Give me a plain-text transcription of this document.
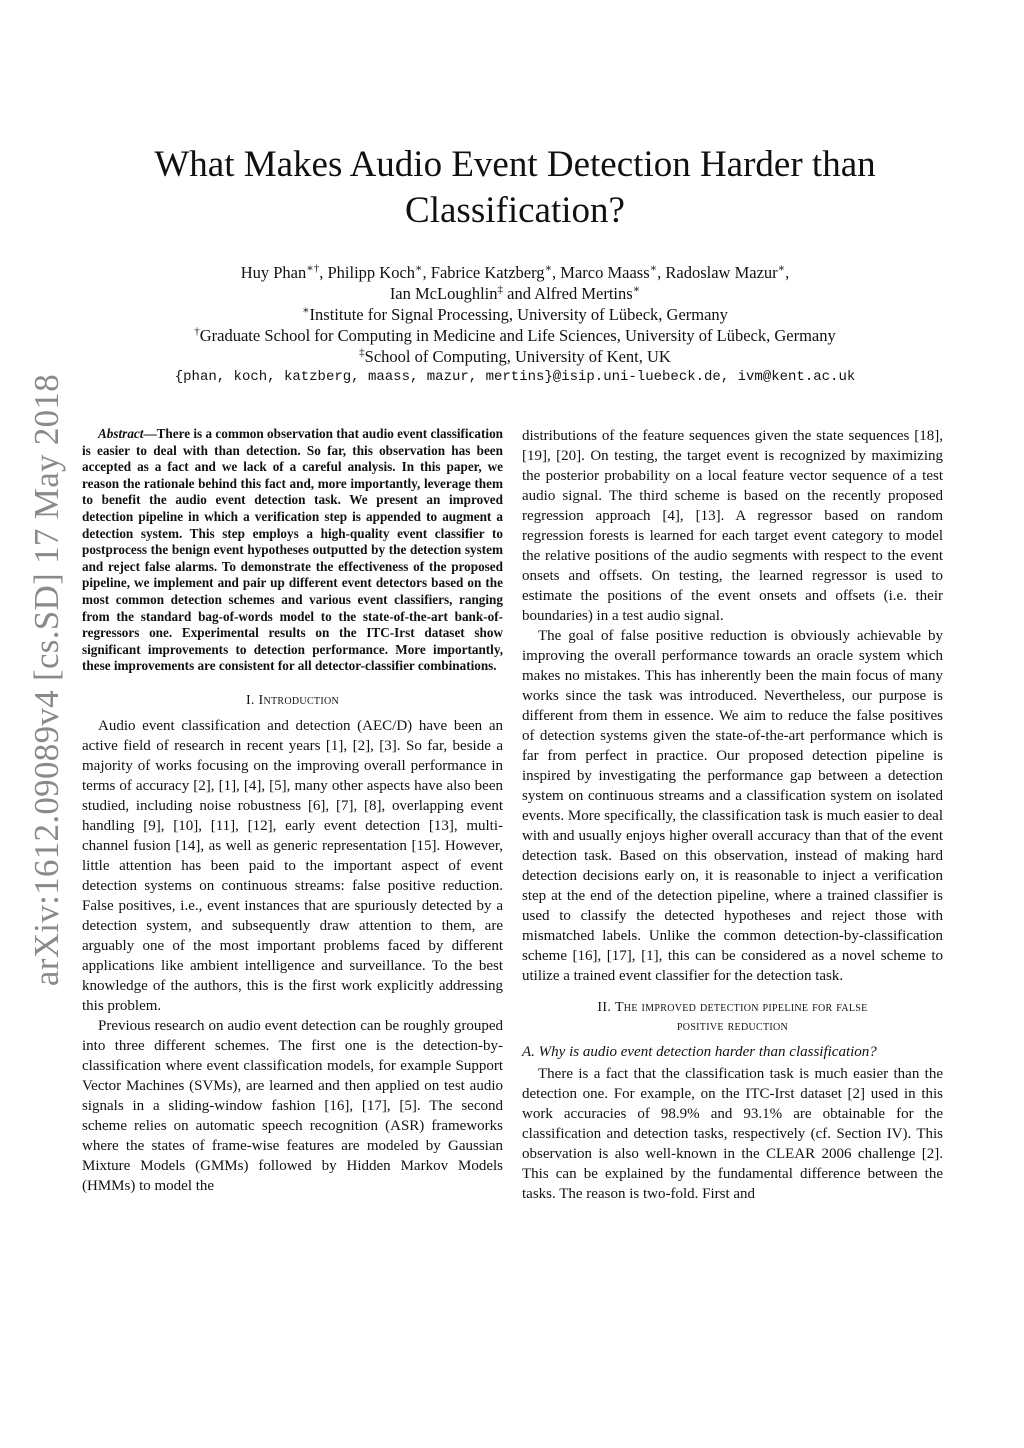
arXiv:1612.09089v4 [cs.SD] 17 May 2018
What Makes Audio Event Detection Harder than Classification?
Huy Phan∗†, Philipp Koch∗, Fabrice Katzberg∗, Marco Maass∗, Radoslaw Mazur∗,
Ian McLoughlin‡ and Alfred Mertins∗
∗Institute for Signal Processing, University of Lübeck, Germany
†Graduate School for Computing in Medicine and Life Sciences, University of Lübeck, Germany
‡School of Computing, University of Kent, UK
{phan, koch, katzberg, maass, mazur, mertins}@isip.uni-luebeck.de, ivm@kent.ac.uk

Abstract—There is a common observation that audio event classification is easier to deal with than detection. So far, this observation has been accepted as a fact and we lack of a careful analysis. In this paper, we reason the rationale behind this fact and, more importantly, leverage them to benefit the audio event detection task. We present an improved detection pipeline in which a verification step is appended to augment a detection system. This step employs a high-quality event classifier to postprocess the benign event hypotheses outputted by the detection system and reject false alarms. To demonstrate the effectiveness of the proposed pipeline, we implement and pair up different event detectors based on the most common detection schemes and various event classifiers, ranging from the standard bag-of-words model to the state-of-the-art bank-of-regressors one. Experimental results on the ITC-Irst dataset show significant improvements to detection performance. More importantly, these improvements are consistent for all detector-classifier combinations.

I. Introduction

Audio event classification and detection (AEC/D) have been an active field of research in recent years [1], [2], [3]. So far, beside a majority of works focusing on the improving overall performance in terms of accuracy [2], [1], [4], [5], many other aspects have also been studied, including noise robustness [6], [7], [8], overlapping event handling [9], [10], [11], [12], early event detection [13], multi-channel fusion [14], as well as generic representation [15]. However, little attention has been paid to the important aspect of event detection systems on continuous streams: false positive reduction. False positives, i.e., event instances that are spuriously detected by a detection system, and subsequently draw attention to them, are arguably one of the most important problems faced by different applications like ambient intelligence and surveillance. To the best knowledge of the authors, this is the first work explicitly addressing this problem.

Previous research on audio event detection can be roughly grouped into three different schemes. The first one is the detection-by-classification where event classification models, for example Support Vector Machines (SVMs), are learned and then applied on test audio signals in a sliding-window fashion [16], [17], [5]. The second scheme relies on automatic speech recognition (ASR) frameworks where the states of frame-wise features are modeled by Gaussian Mixture Models (GMMs) followed by Hidden Markov Models (HMMs) to model the

distributions of the feature sequences given the state sequences [18], [19], [20]. On testing, the target event is recognized by maximizing the posterior probability on a local feature vector sequence of a test audio signal. The third scheme is based on the recently proposed regression approach [4], [13]. A regressor based on random regression forests is learned for each target event category to model the relative positions of the audio segments with respect to the event onsets and offsets. On testing, the learned regressor is used to estimate the positions of the event onsets and offsets (i.e. their boundaries) in a test audio signal.

The goal of false positive reduction is obviously achievable by improving the overall performance towards an oracle system which makes no mistakes. This has inherently been the main focus of many works since the task was introduced. Nevertheless, our purpose is different from them in essence. We aim to reduce the false positives of detection systems given the state-of-the-art performance which is far from perfect in practice. Our proposed detection pipeline is inspired by investigating the performance gap between a detection system on continuous streams and a classification system on isolated events. More specifically, the classification task is much easier to deal with and usually enjoys higher overall accuracy than that of the event detection task. Based on this observation, instead of making hard detection decisions early on, it is reasonable to inject a verification step at the end of the detection pipeline, where a trained classifier is used to classify the detected hypotheses and reject those with mismatched labels. Unlike the common detection-by-classification scheme [16], [17], [1], this can be considered as a novel scheme to utilize a trained event classifier for the detection task.

II. The improved detection pipeline for false
positive reduction
A. Why is audio event detection harder than classification?

There is a fact that the classification task is much easier than the detection one. For example, on the ITC-Irst dataset [2] used in this work accuracies of 98.9% and 93.1% are obtainable for the classification and detection tasks, respectively (cf. Section IV). This observation is also well-known in the CLEAR 2006 challenge [2]. This can be explained by the fundamental difference between the tasks. The reason is two-fold. First and
